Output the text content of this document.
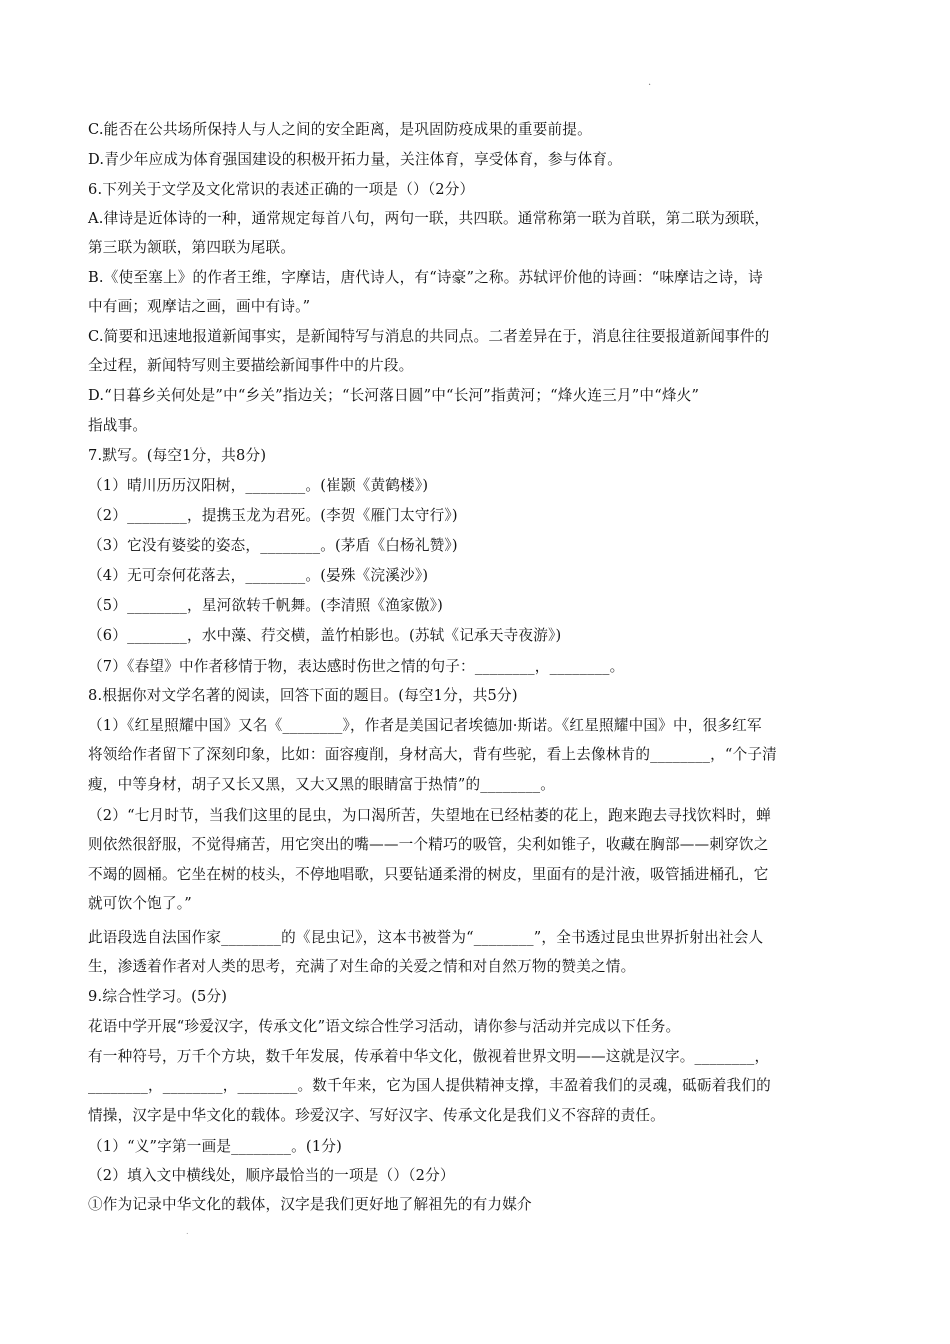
.
C.能否在公共场所保持人与人之间的安全距离，是巩固防疫成果的重要前提。
D.青少年应成为体育强国建设的积极开拓力量，关注体育，享受体育，参与体育。
6.下列关于文学及文化常识的表述正确的一项是（）（2分）
A.律诗是近体诗的一种，通常规定每首八句，两句一联，共四联。通常称第一联为首联，第二联为颈联，
第三联为颔联，第四联为尾联。
B.《使至塞上》的作者王维，字摩诘，唐代诗人，有“诗豪”之称。苏轼评价他的诗画：“味摩诘之诗，诗
中有画；观摩诘之画，画中有诗。”
C.简要和迅速地报道新闻事实，是新闻特写与消息的共同点。二者差异在于，消息往往要报道新闻事件的
全过程，新闻特写则主要描绘新闻事件中的片段。
D.“日暮乡关何处是”中“乡关”指边关；“长河落日圆”中“长河”指黄河；“烽火连三月”中“烽火”
指战事。
7.默写。(每空1分，共8分)
（1）晴川历历汉阳树，________。(崔颢《黄鹤楼》)
（2）________，提携玉龙为君死。(李贺《雁门太守行》)
（3）它没有婆娑的姿态，________。(茅盾《白杨礼赞》)
（4）无可奈何花落去，________。(晏殊《浣溪沙》)
（5）________，星河欲转千帆舞。(李清照《渔家傲》)
（6）________，水中藻、荇交横，盖竹柏影也。(苏轼《记承天寺夜游》)
（7）《春望》中作者移情于物，表达感时伤世之情的句子：________，________。
8.根据你对文学名著的阅读，回答下面的题目。(每空1分，共5分)
（1）《红星照耀中国》又名《________》，作者是美国记者埃德加·斯诺。《红星照耀中国》中，很多红军
将领给作者留下了深刻印象，比如：面容瘦削，身材高大，背有些驼，看上去像林肯的________，“个子清
瘦，中等身材，胡子又长又黑，又大又黑的眼睛富于热情”的________。
（2）“七月时节，当我们这里的昆虫，为口渴所苦，失望地在已经枯萎的花上，跑来跑去寻找饮料时，蝉
则依然很舒服，不觉得痛苦，用它突出的嘴——一个精巧的吸管，尖利如锥子，收藏在胸部——刺穿饮之
不竭的圆桶。它坐在树的枝头，不停地唱歌，只要钻通柔滑的树皮，里面有的是汁液，吸管插进桶孔，它
就可饮个饱了。”
此语段选自法国作家________的《昆虫记》，这本书被誉为“________”，全书透过昆虫世界折射出社会人
生，渗透着作者对人类的思考，充满了对生命的关爱之情和对自然万物的赞美之情。
9.综合性学习。(5分)
花语中学开展“珍爱汉字，传承文化”语文综合性学习活动，请你参与活动并完成以下任务。
有一种符号，万千个方块，数千年发展，传承着中华文化，傲视着世界文明——这就是汉字。________，
________，________，________。数千年来，它为国人提供精神支撑，丰盈着我们的灵魂，砥砺着我们的
情操，汉字是中华文化的载体。珍爱汉字、写好汉字、传承文化是我们义不容辞的责任。
（1）“义”字第一画是________。(1分)
（2）填入文中横线处，顺序最恰当的一项是（）（2分）
①作为记录中华文化的载体，汉字是我们更好地了解祖先的有力媒介
.
